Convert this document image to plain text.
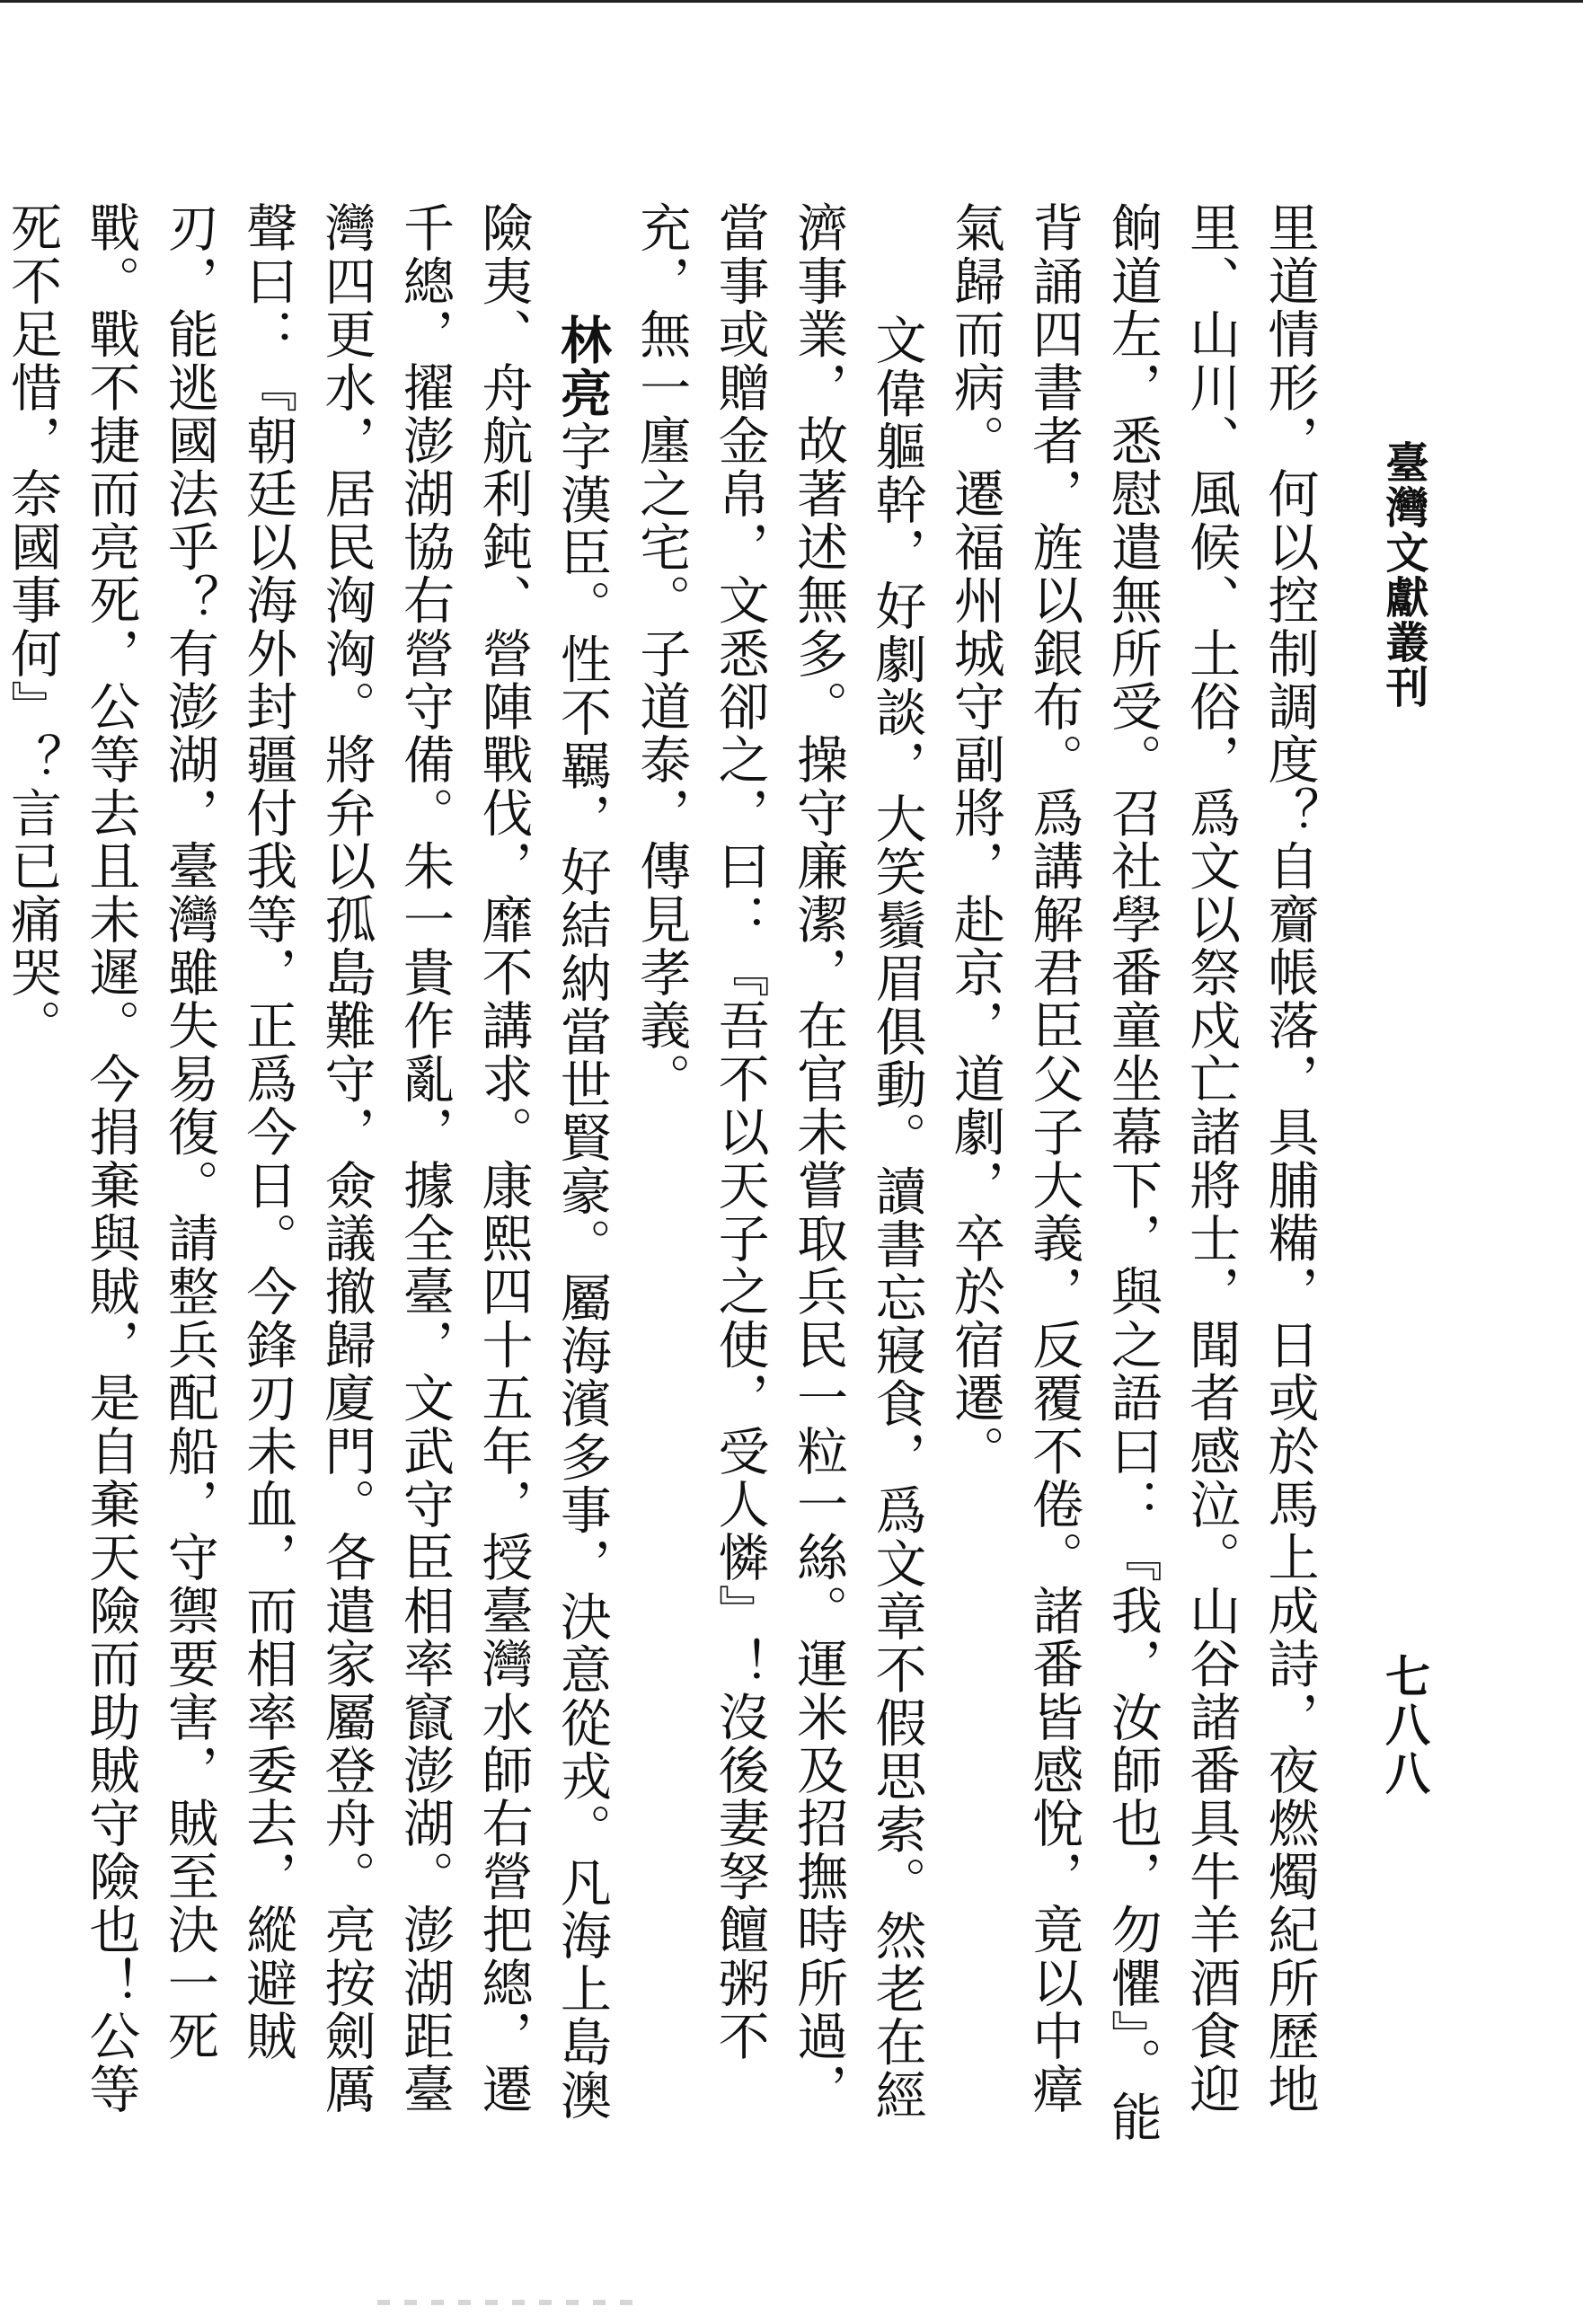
臺灣文獻叢刊
七八八

里道情形，何以控制調度？自齎帳落，具脯糒，日或於馬上成詩，夜燃燭紀所歷地里、山川、風候、土俗，爲文以祭戍亡諸將士，聞者感泣。山谷諸番具牛羊酒食迎餉道左，悉慰遣無所受。召社學番童坐幕下，與之語曰：『我，汝師也，勿懼』。能背誦四書者，旌以銀布。爲講解君臣父子大義，反覆不倦。諸番皆感悅，竟以中瘴氣歸而病。遷福州城守副將，赴京，道劇，卒於宿遷。

文偉軀幹，好劇談，大笑鬚眉俱動。讀書忘寢食，爲文章不假思索。然老在經濟事業，故著述無多。操守廉潔，在官未嘗取兵民一粒一絲。運米及招撫時所過，當事或贈金帛，文悉卻之，曰：『吾不以天子之使，受人憐』！沒後妻孥饘粥不充，無一廛之宅。子道泰，傳見孝義。

林亮字漢臣。性不羈，好結納當世賢豪。屬海濱多事，決意從戎。凡海上島澳險夷、舟航利鈍、營陣戰伐，靡不講求。康熙四十五年，授臺灣水師右營把總，遷千總，擢澎湖協右營守備。朱一貴作亂，據全臺，文武守臣相率竄澎湖。澎湖距臺灣四更水，居民洶洶。將弁以孤島難守，僉議撤歸廈門。各遣家屬登舟。亮按劍厲聲曰：『朝廷以海外封疆付我等，正爲今日。今鋒刃未血，而相率委去，縱避賊刃，能逃國法乎？有澎湖，臺灣雖失易復。請整兵配船，守禦要害，賊至決一死戰。戰不捷而亮死，公等去且未遲。今捐棄與賊，是自棄天險而助賊守險也！公等死不足惜，奈國事何』？言已痛哭。
